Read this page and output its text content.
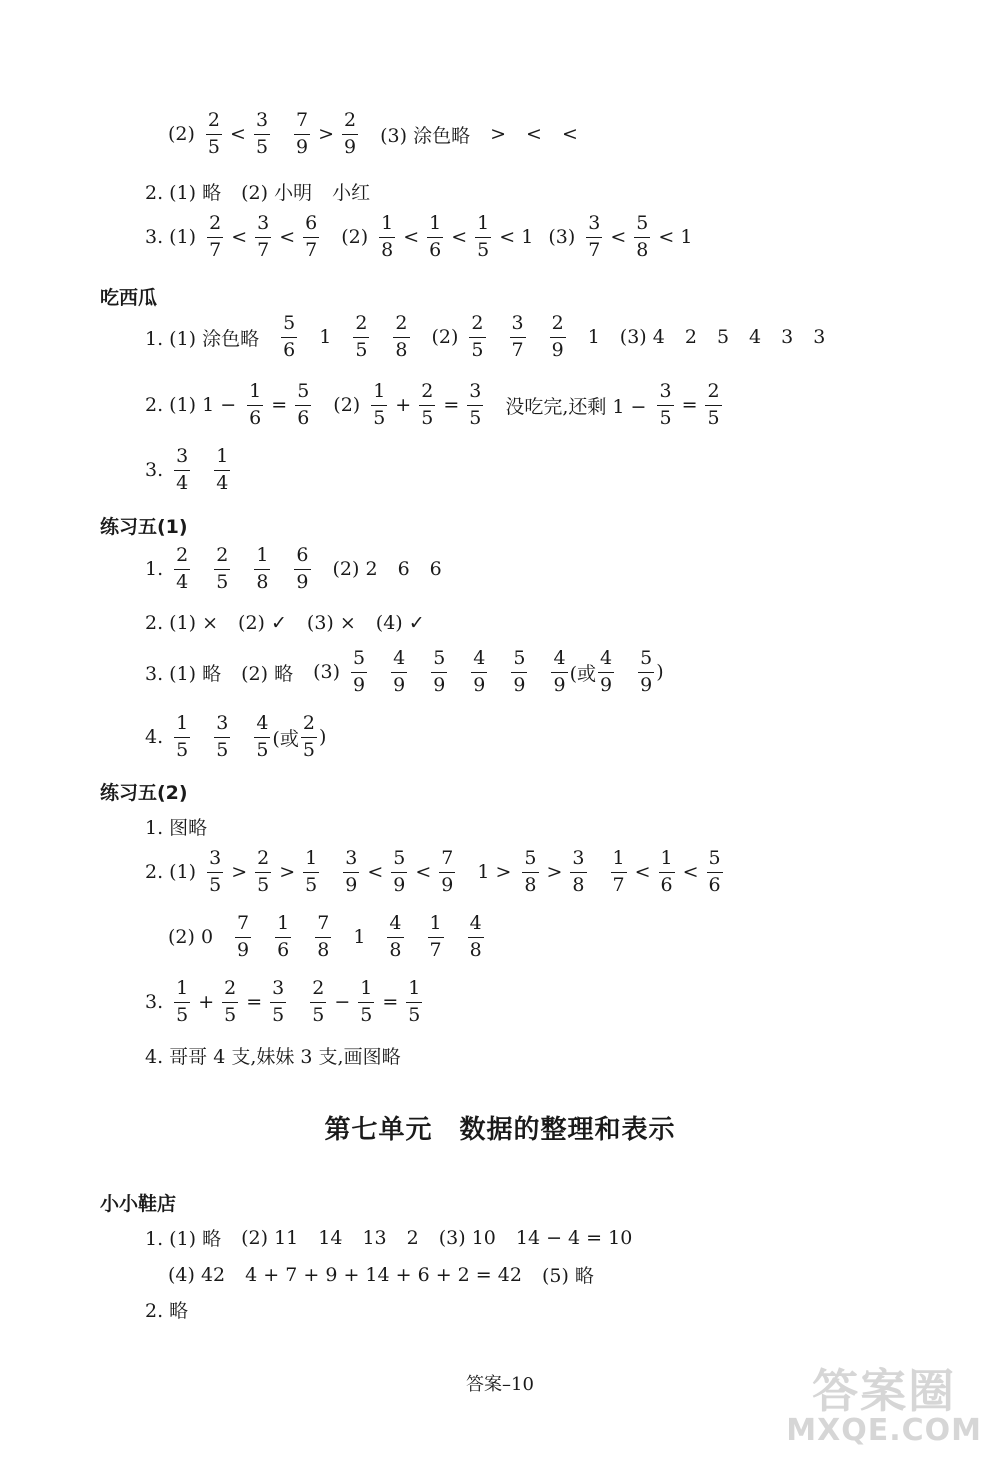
$(2) \frac{2}{5} < \frac{3}{5} \frac{7}{9} > \frac{2}{9} (3)$ 涂色略 > < <
2. (1) 略 (2) 小明 小红
3. $(1) \frac{2}{7} < \frac{3}{7} < \frac{6}{7} (2) \frac{1}{8} < \frac{1}{6} < \frac{1}{5} < 1$ $(3) \frac{3}{7} < \frac{5}{8} < 1$
吃西瓜
1. (1) 涂色略 $\frac{5}{6} 1 \frac{2}{5} \frac{2}{8} (2) \frac{2}{5} \frac{3}{7} \frac{2}{9} 1$ (3) 4 2 5 4 3 3
2. (1) $1 - \frac{1}{6} = \frac{5}{6} (2) \frac{1}{5} + \frac{2}{5} = \frac{3}{5}$ 没吃完,还剩 $1 - \frac{3}{5} = \frac{2}{5}$
3. $\frac{3}{4} \frac{1}{4}$
练习五(1)
1. $\frac{2}{4} \frac{2}{5} \frac{1}{8} \frac{6}{9} (2)$ 2 6 6
2. (1) × (2) ✓ (3) × (4) ✓
3. (1) 略 (2) 略 $(3) \frac{5}{9} \frac{4}{9} \frac{5}{9} \frac{4}{9} \frac{5}{9} \frac{4}{9}$ (或 $\frac{4}{9} \frac{5}{9}$ )
4. $\frac{1}{5} \frac{3}{5} \frac{4}{5}$ (或 $\frac{2}{5}$ )
练习五(2)
1. 图略
2. $(1) \frac{3}{5} > \frac{2}{5} > \frac{1}{5} \frac{3}{9} < \frac{5}{9} < \frac{7}{9} 1 > \frac{5}{8} > \frac{3}{8} \frac{1}{7} < \frac{1}{6} < \frac{5}{6}$
(2) $0 \frac{7}{9} \frac{1}{6} \frac{7}{8} 1 \frac{4}{8} \frac{1}{7} \frac{4}{8}$
3. $\frac{1}{5} + \frac{2}{5} = \frac{3}{5} \frac{2}{5} - \frac{1}{5} = \frac{1}{5}$
4. 哥哥 4 支,妹妹 3 支,画图略
第七单元　数据的整理和表示
小小鞋店
1. (1) 略 (2) 11 14 13 2 (3) 10 14 − 4 = 10
(4) 42 4 + 7 + 9 + 14 + 6 + 2 = 42 (5) 略
2. 略
答案–10	答案圈
MXQE.COM
